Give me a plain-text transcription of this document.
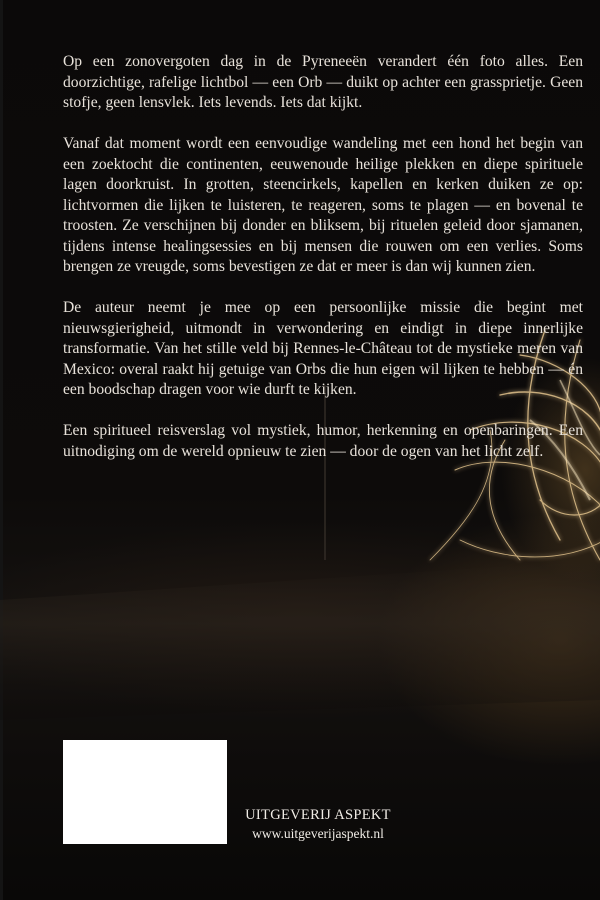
Op een zonovergoten dag in de Pyreneeën verandert één foto alles. Een doorzichtige, rafelige lichtbol — een Orb — duikt op achter een grassprietje. Geen stofje, geen lensvlek. Iets levends. Iets dat kijkt.

Vanaf dat moment wordt een eenvoudige wandeling met een hond het begin van een zoektocht die continenten, eeuwenoude heilige plekken en diepe spirituele lagen doorkruist. In grotten, steencirkels, kapellen en kerken duiken ze op: lichtvormen die lijken te luisteren, te reageren, soms te plagen — en bovenal te troosten. Ze verschijnen bij donder en bliksem, bij rituelen geleid door sjamanen, tijdens intense healingsessies en bij mensen die rouwen om een verlies. Soms brengen ze vreugde, soms bevestigen ze dat er meer is dan wij kunnen zien.

De auteur neemt je mee op een persoonlijke missie die begint met nieuwsgierigheid, uitmondt in verwondering en eindigt in diepe innerlijke transformatie. Van het stille veld bij Rennes-le-Château tot de mystieke meren van Mexico: overal raakt hij getuige van Orbs die hun eigen wil lijken te hebben — én een boodschap dragen voor wie durft te kijken.

Een spiritueel reisverslag vol mystiek, humor, herkenning en openbaringen. Een uitnodiging om de wereld opnieuw te zien — door de ogen van het licht zelf.

UITGEVERIJ ASPEKT
www.uitgeverijaspekt.nl
